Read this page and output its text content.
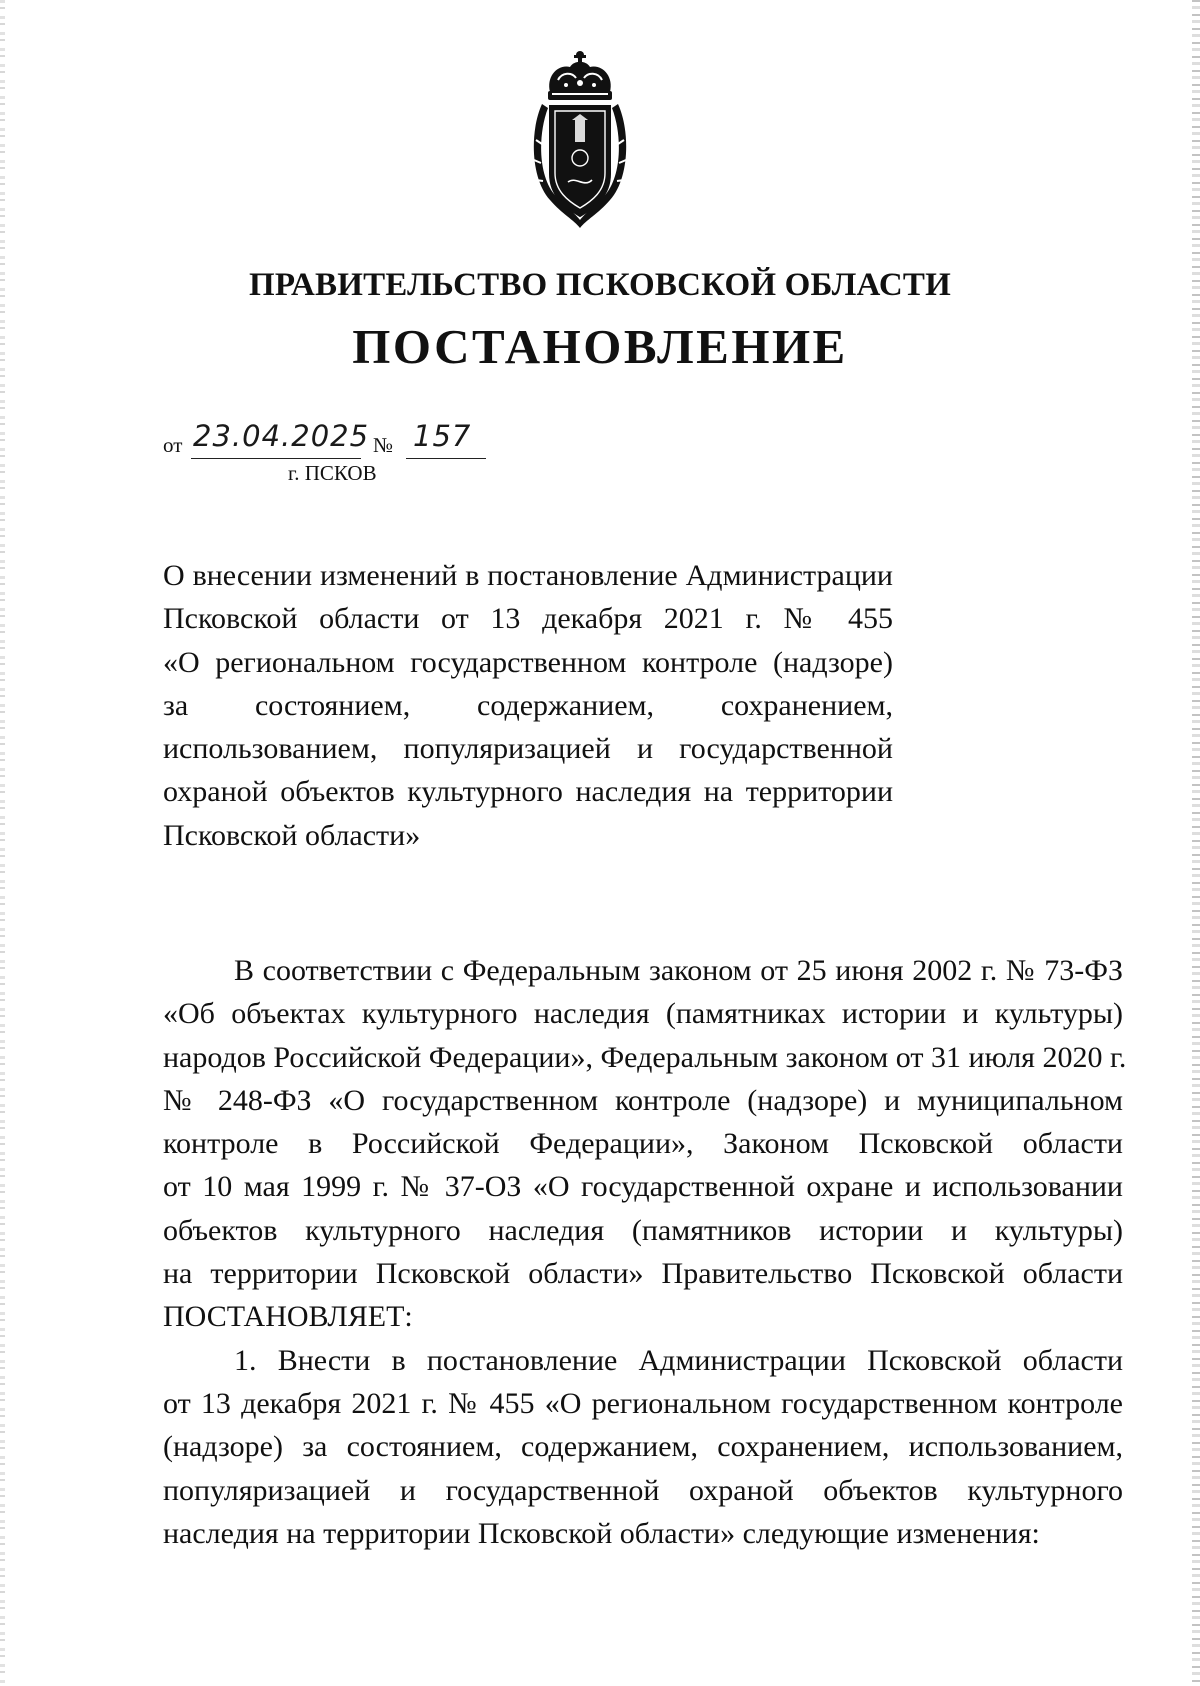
ПРАВИТЕЛЬСТВО ПСКОВСКОЙ ОБЛАСТИ
ПОСТАНОВЛЕНИЕ
от 23.04.2025 № 157
г. ПСКОВ
О внесении изменений в постановление Администрации
Псковской области от 13 декабря 2021 г. № 455
«О региональном государственном контроле (надзоре)
за состоянием, содержанием, сохранением,
использованием, популяризацией и государственной
охраной объектов культурного наследия на территории
Псковской области»
В соответствии с Федеральным законом от 25 июня 2002 г. № 73-ФЗ
«Об объектах культурного наследия (памятниках истории и культуры)
народов Российской Федерации», Федеральным законом от 31 июля 2020 г.
№ 248-ФЗ «О государственном контроле (надзоре) и муниципальном
контроле в Российской Федерации», Законом Псковской области
от 10 мая 1999 г. № 37-ОЗ «О государственной охране и использовании
объектов культурного наследия (памятников истории и культуры)
на территории Псковской области» Правительство Псковской области
ПОСТАНОВЛЯЕТ:
1. Внести в постановление Администрации Псковской области
от 13 декабря 2021 г. № 455 «О региональном государственном контроле
(надзоре) за состоянием, содержанием, сохранением, использованием,
популяризацией и государственной охраной объектов культурного
наследия на территории Псковской области» следующие изменения:
